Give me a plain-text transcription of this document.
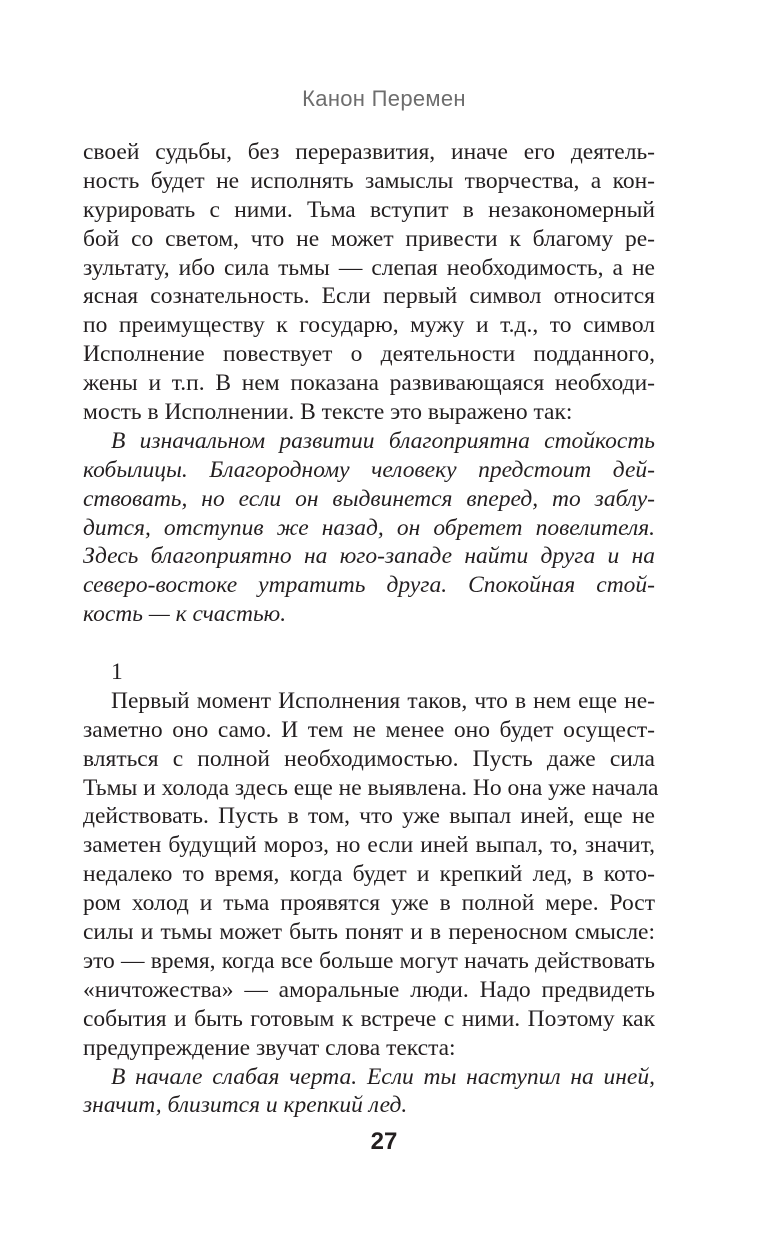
Канон Перемен
своей судьбы, без переразвития, иначе его деятель-
ность будет не исполнять замыслы творчества, а кон-
курировать с ними. Тьма вступит в незакономерный
бой со светом, что не может привести к благому ре-
зультату, ибо сила тьмы — слепая необходимость, а не
ясная сознательность. Если первый символ относится
по преимуществу к государю, мужу и т.д., то символ
Исполнение повествует о деятельности подданного,
жены и т.п. В нем показана развивающаяся необходи-
мость в Исполнении. В тексте это выражено так:
В изначальном развитии благоприятна стойкость
кобылицы. Благородному человеку предстоит дей-
ствовать, но если он выдвинется вперед, то заблу-
дится, отступив же назад, он обретет повелителя.
Здесь благоприятно на юго-западе найти друга и на
северо-востоке утратить друга. Спокойная стой-
кость — к счастью.
1
Первый момент Исполнения таков, что в нем еще не-
заметно оно само. И тем не менее оно будет осущест-
вляться с полной необходимостью. Пусть даже сила
Тьмы и холода здесь еще не выявлена. Но она уже начала
действовать. Пусть в том, что уже выпал иней, еще не
заметен будущий мороз, но если иней выпал, то, значит,
недалеко то время, когда будет и крепкий лед, в кото-
ром холод и тьма проявятся уже в полной мере. Рост
силы и тьмы может быть понят и в переносном смысле:
это — время, когда все больше могут начать действовать
«ничтожества» — аморальные люди. Надо предвидеть
события и быть готовым к встрече с ними. Поэтому как
предупреждение звучат слова текста:
В начале слабая черта. Если ты наступил на иней,
значит, близится и крепкий лед.
27
